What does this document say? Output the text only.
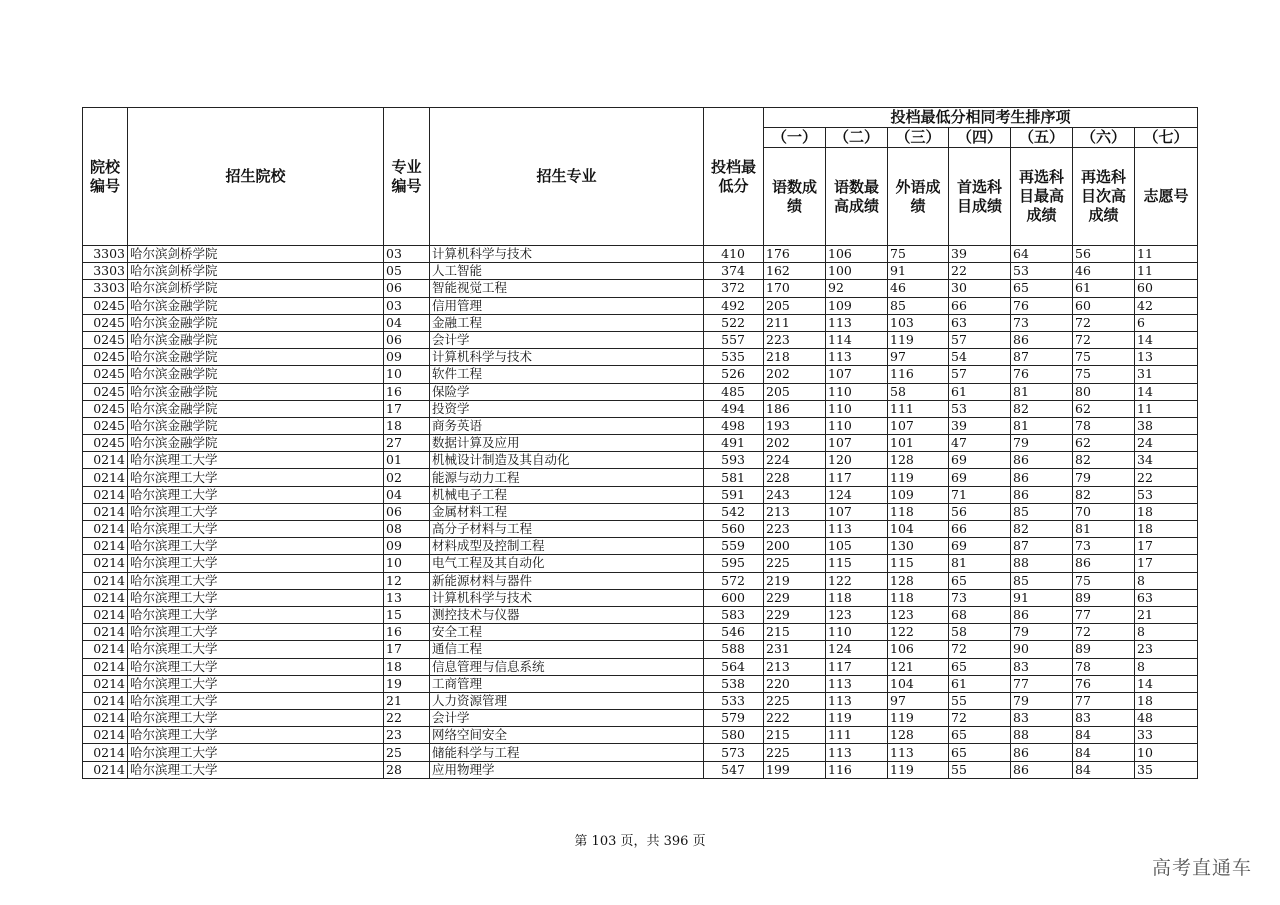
院校编号	招生院校	专业编号	招生专业	投档最低分	投档最低分相同考生排序项						
					（一）	（二）	（三）	（四）	（五）	（六）	（七）
					语数成绩	语数最高成绩	外语成绩	首选科目成绩	再选科目最高成绩	再选科目次高成绩	志愿号
3303	哈尔滨剑桥学院	03	计算机科学与技术	410	176	106	75	39	64	56	11
3303	哈尔滨剑桥学院	05	人工智能	374	162	100	91	22	53	46	11
3303	哈尔滨剑桥学院	06	智能视觉工程	372	170	92	46	30	65	61	60
0245	哈尔滨金融学院	03	信用管理	492	205	109	85	66	76	60	42
0245	哈尔滨金融学院	04	金融工程	522	211	113	103	63	73	72	6
0245	哈尔滨金融学院	06	会计学	557	223	114	119	57	86	72	14
0245	哈尔滨金融学院	09	计算机科学与技术	535	218	113	97	54	87	75	13
0245	哈尔滨金融学院	10	软件工程	526	202	107	116	57	76	75	31
0245	哈尔滨金融学院	16	保险学	485	205	110	58	61	81	80	14
0245	哈尔滨金融学院	17	投资学	494	186	110	111	53	82	62	11
0245	哈尔滨金融学院	18	商务英语	498	193	110	107	39	81	78	38
0245	哈尔滨金融学院	27	数据计算及应用	491	202	107	101	47	79	62	24
0214	哈尔滨理工大学	01	机械设计制造及其自动化	593	224	120	128	69	86	82	34
0214	哈尔滨理工大学	02	能源与动力工程	581	228	117	119	69	86	79	22
0214	哈尔滨理工大学	04	机械电子工程	591	243	124	109	71	86	82	53
0214	哈尔滨理工大学	06	金属材料工程	542	213	107	118	56	85	70	18
0214	哈尔滨理工大学	08	高分子材料与工程	560	223	113	104	66	82	81	18
0214	哈尔滨理工大学	09	材料成型及控制工程	559	200	105	130	69	87	73	17
0214	哈尔滨理工大学	10	电气工程及其自动化	595	225	115	115	81	88	86	17
0214	哈尔滨理工大学	12	新能源材料与器件	572	219	122	128	65	85	75	8
0214	哈尔滨理工大学	13	计算机科学与技术	600	229	118	118	73	91	89	63
0214	哈尔滨理工大学	15	测控技术与仪器	583	229	123	123	68	86	77	21
0214	哈尔滨理工大学	16	安全工程	546	215	110	122	58	79	72	8
0214	哈尔滨理工大学	17	通信工程	588	231	124	106	72	90	89	23
0214	哈尔滨理工大学	18	信息管理与信息系统	564	213	117	121	65	83	78	8
0214	哈尔滨理工大学	19	工商管理	538	220	113	104	61	77	76	14
0214	哈尔滨理工大学	21	人力资源管理	533	225	113	97	55	79	77	18
0214	哈尔滨理工大学	22	会计学	579	222	119	119	72	83	83	48
0214	哈尔滨理工大学	23	网络空间安全	580	215	111	128	65	88	84	33
0214	哈尔滨理工大学	25	储能科学与工程	573	225	113	113	65	86	84	10
0214	哈尔滨理工大学	28	应用物理学	547	199	116	119	55	86	84	35
第 103 页，共 396 页
高考直通车
